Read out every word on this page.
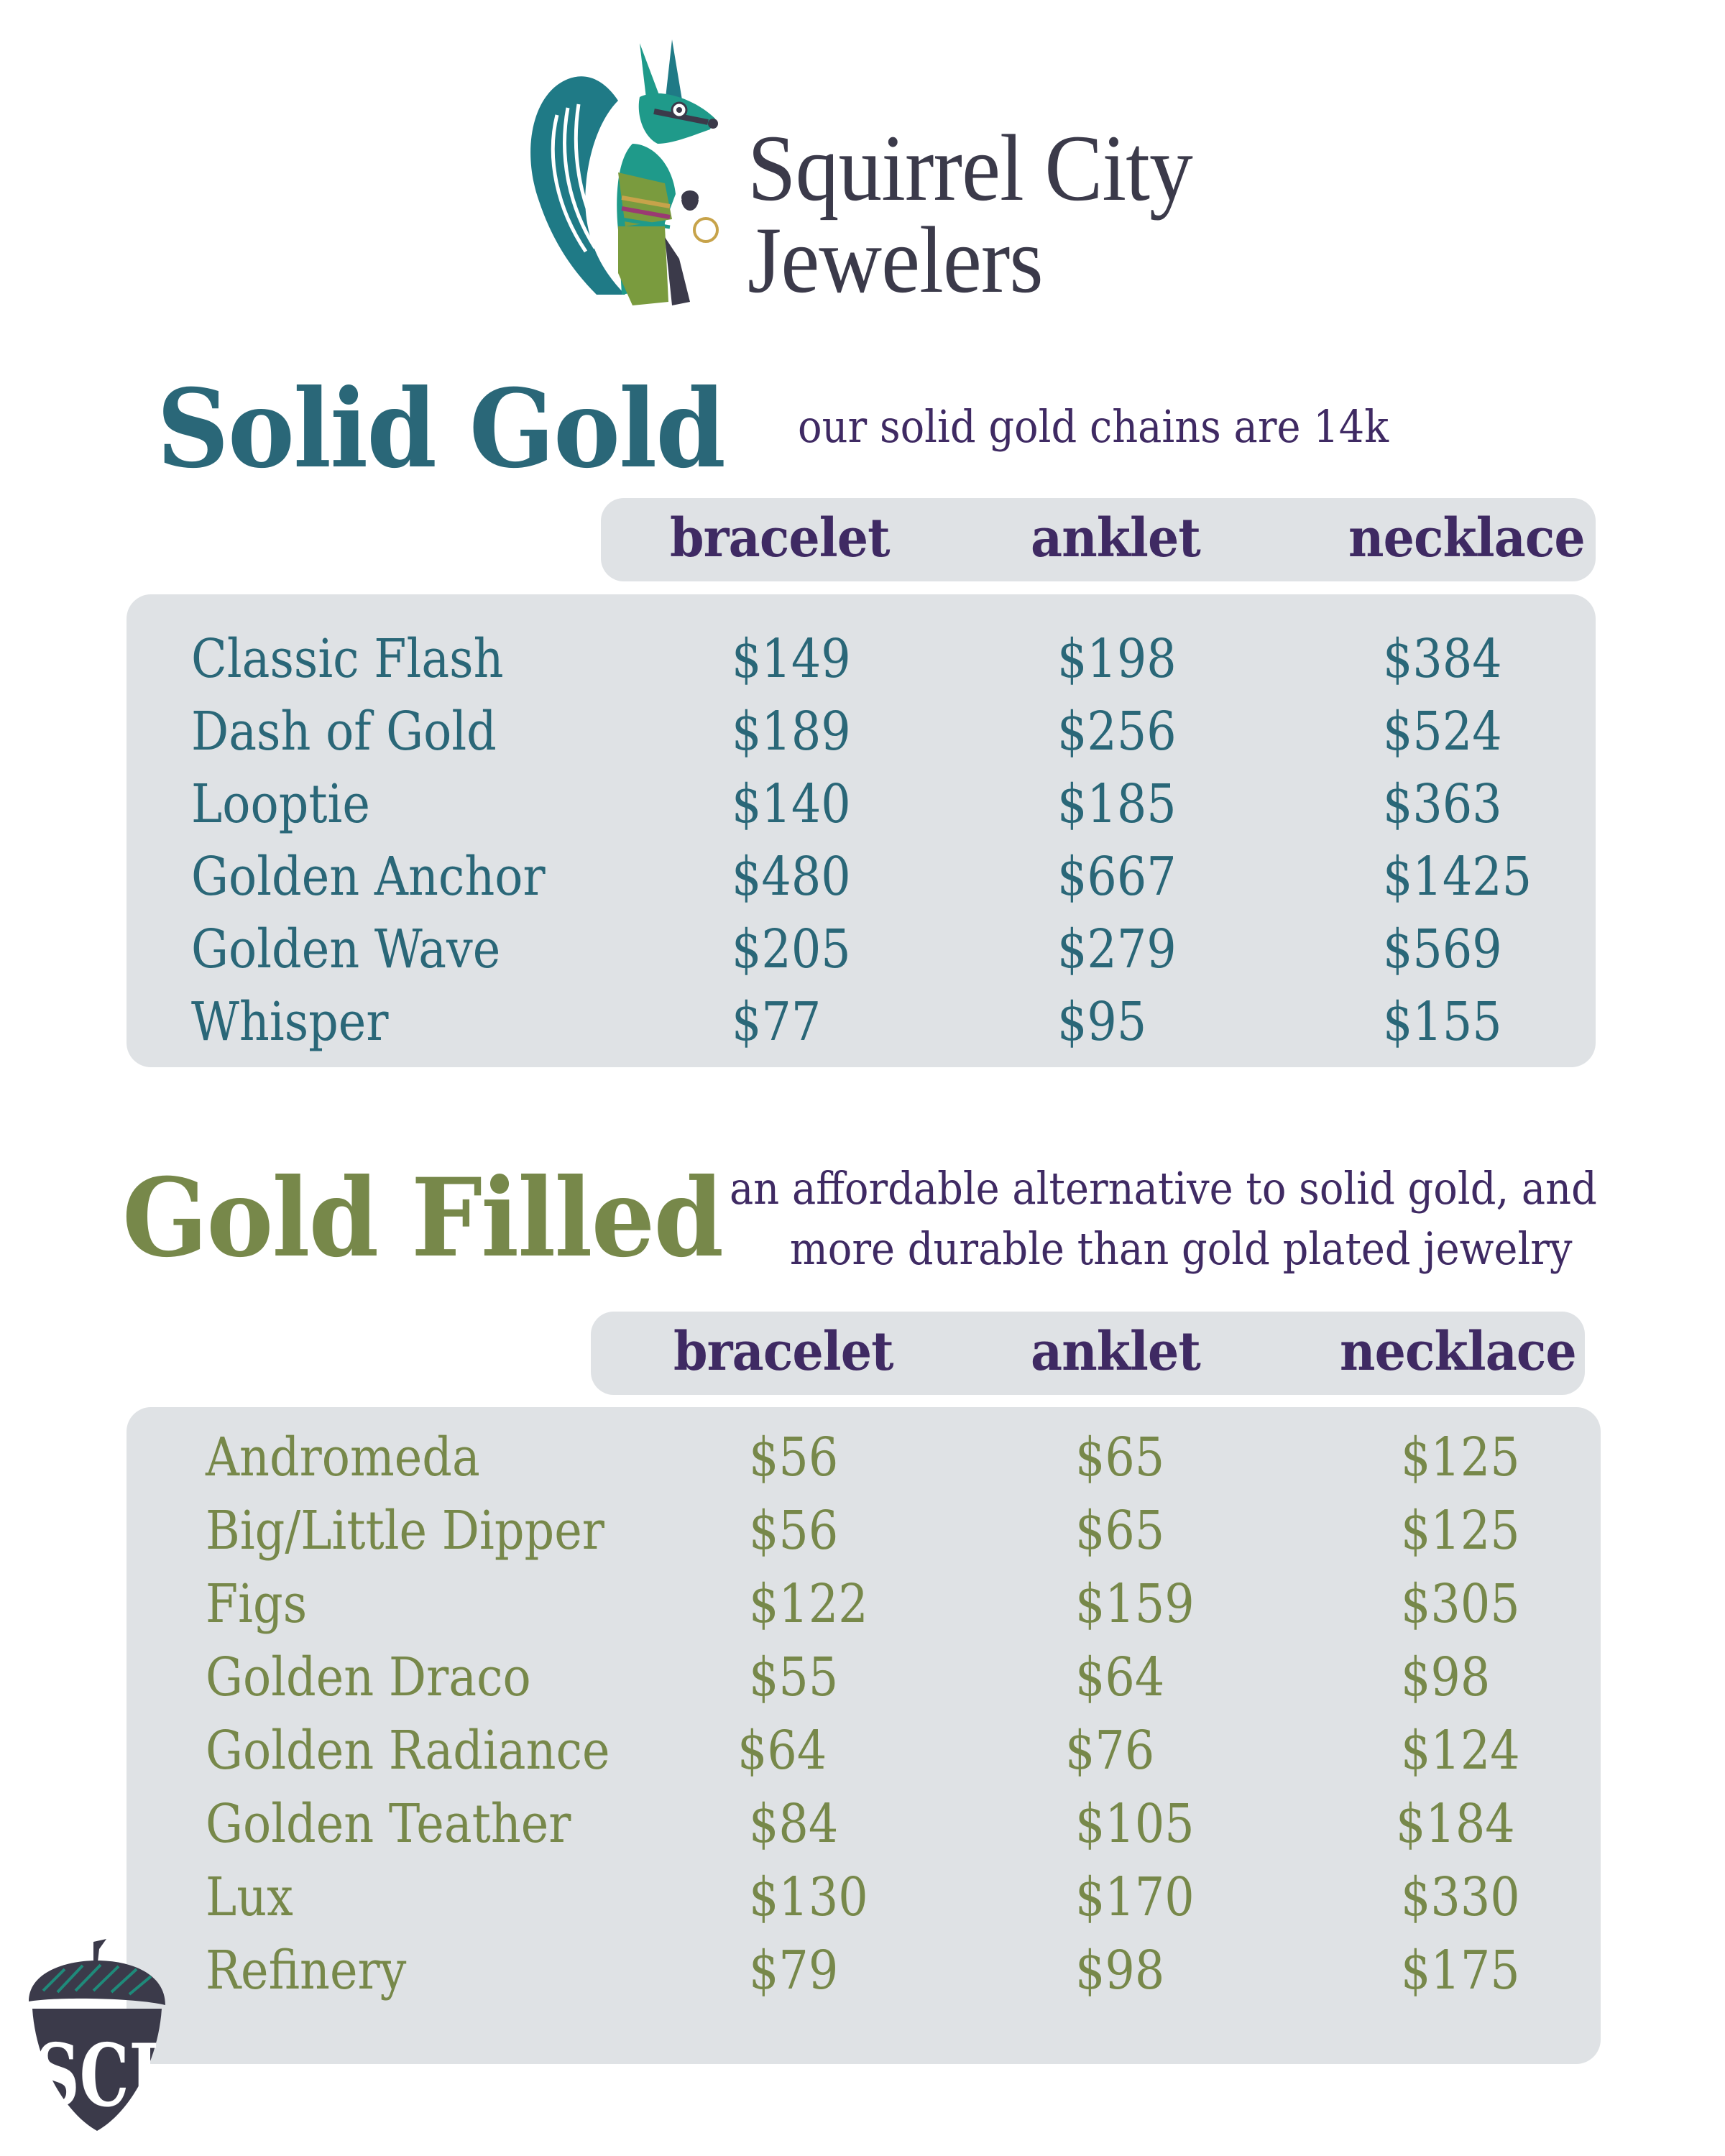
Squirrel City
Jewelers
Solid Gold our solid gold chains are 14k
bracelet	anklet	necklace
Classic Flash	$149	$198	$384
Dash of Gold	$189	$256	$524
Looptie	$140	$185	$363
Golden Anchor	$480	$667	$1425
Golden Wave	$205	$279	$569
Whisper	$77	$95	$155
Gold Filled an affordable alternative to solid gold, and
more durable than gold plated jewelry
bracelet	anklet	necklace
Andromeda	$56	$65	$125
Big/Little Dipper	$56	$65	$125
Figs	$122	$159	$305
Golden Draco	$55	$64	$98
Golden Radiance $64	$76	$124
Golden Teather	$84	$105	$184
Lux	$130	$170	$330
Refinery	$79	$98	$175
SCJ
